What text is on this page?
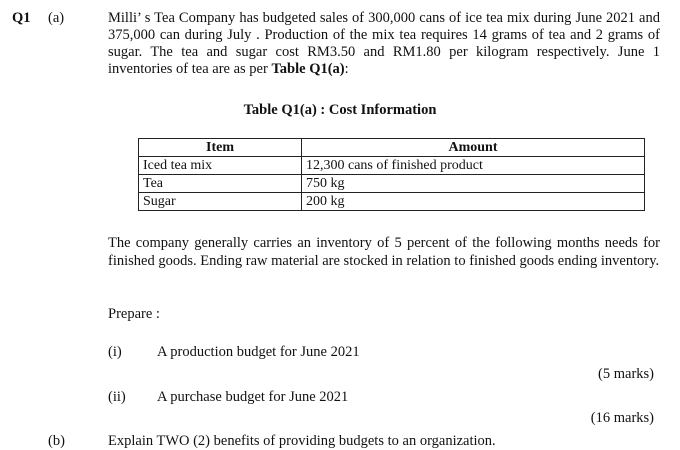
Q1 (a)	Milli’ s Tea Company has budgeted sales of 300,000 cans of ice tea mix during June 2021 and 375,000 can during July . Production of the mix tea requires 14 grams of tea and 2 grams of sugar. The tea and sugar cost RM3.50 and RM1.80 per kilogram respectively. June 1 inventories of tea are as per Table Q1(a):
Table Q1(a) : Cost Information
Item	Amount
Iced tea mix	12,300 cans of finished product
Tea	750 kg
Sugar	200 kg
The company generally carries an inventory of 5 percent of the following months needs for finished goods. Ending raw material are stocked in relation to finished goods ending inventory.
Prepare :
(i) A production budget for June 2021
(5 marks)
(ii) A purchase budget for June 2021
(16 marks)
(b)	Explain TWO (2) benefits of providing budgets to an organization.
